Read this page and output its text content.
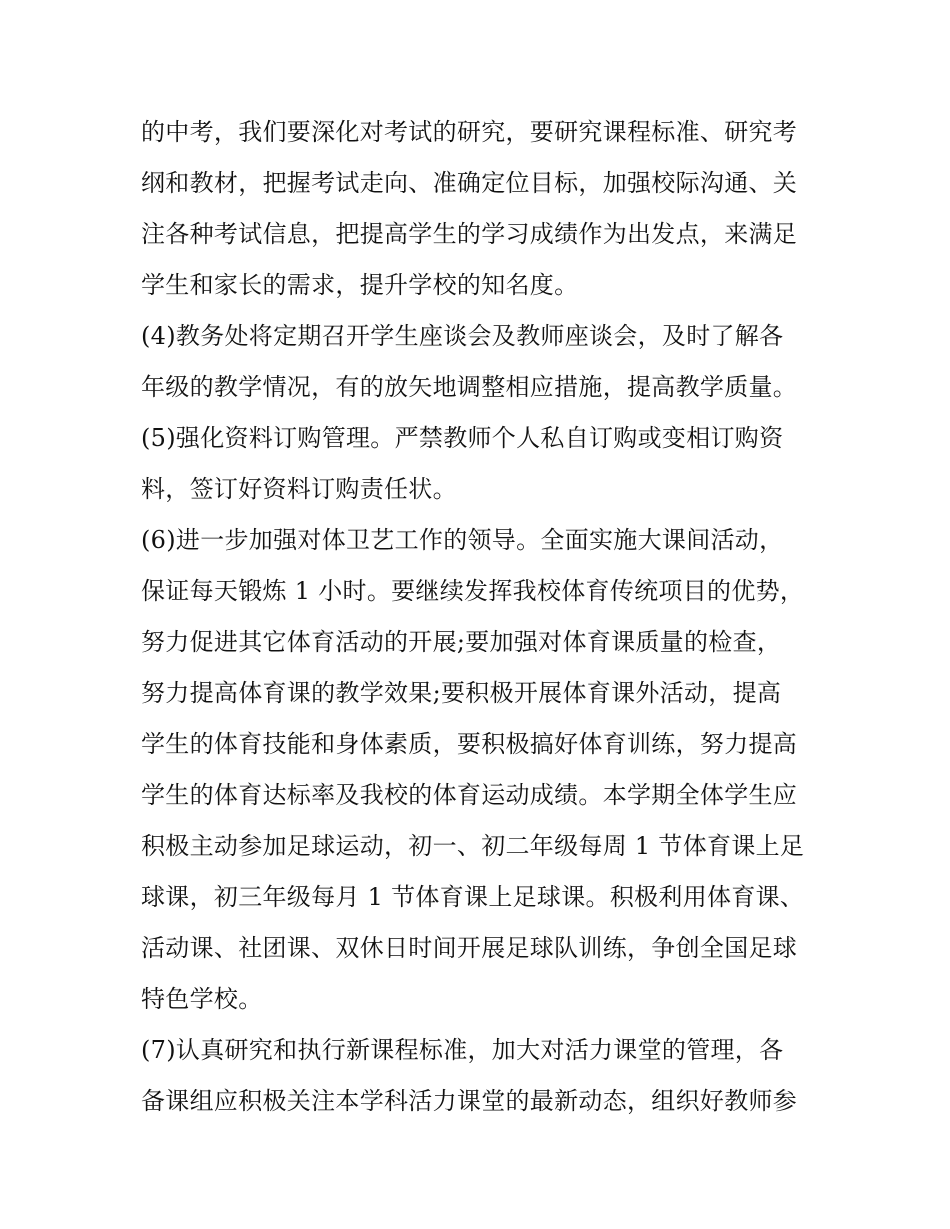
的中考，我们要深化对考试的研究，要研究课程标准、研究考
纲和教材，把握考试走向、准确定位目标，加强校际沟通、关
注各种考试信息，把提高学生的学习成绩作为出发点，来满足
学生和家长的需求，提升学校的知名度。
(4)教务处将定期召开学生座谈会及教师座谈会，及时了解各
年级的教学情况，有的放矢地调整相应措施，提高教学质量。
(5)强化资料订购管理。严禁教师个人私自订购或变相订购资
料，签订好资料订购责任状。
(6)进一步加强对体卫艺工作的领导。全面实施大课间活动，
保证每天锻炼 1 小时。要继续发挥我校体育传统项目的优势，
努力促进其它体育活动的开展;要加强对体育课质量的检查，
努力提高体育课的教学效果;要积极开展体育课外活动，提高
学生的体育技能和身体素质，要积极搞好体育训练，努力提高
学生的体育达标率及我校的体育运动成绩。本学期全体学生应
积极主动参加足球运动，初一、初二年级每周 1 节体育课上足
球课，初三年级每月 1 节体育课上足球课。积极利用体育课、
活动课、社团课、双休日时间开展足球队训练，争创全国足球
特色学校。
(7)认真研究和执行新课程标准，加大对活力课堂的管理，各
备课组应积极关注本学科活力课堂的最新动态，组织好教师参
